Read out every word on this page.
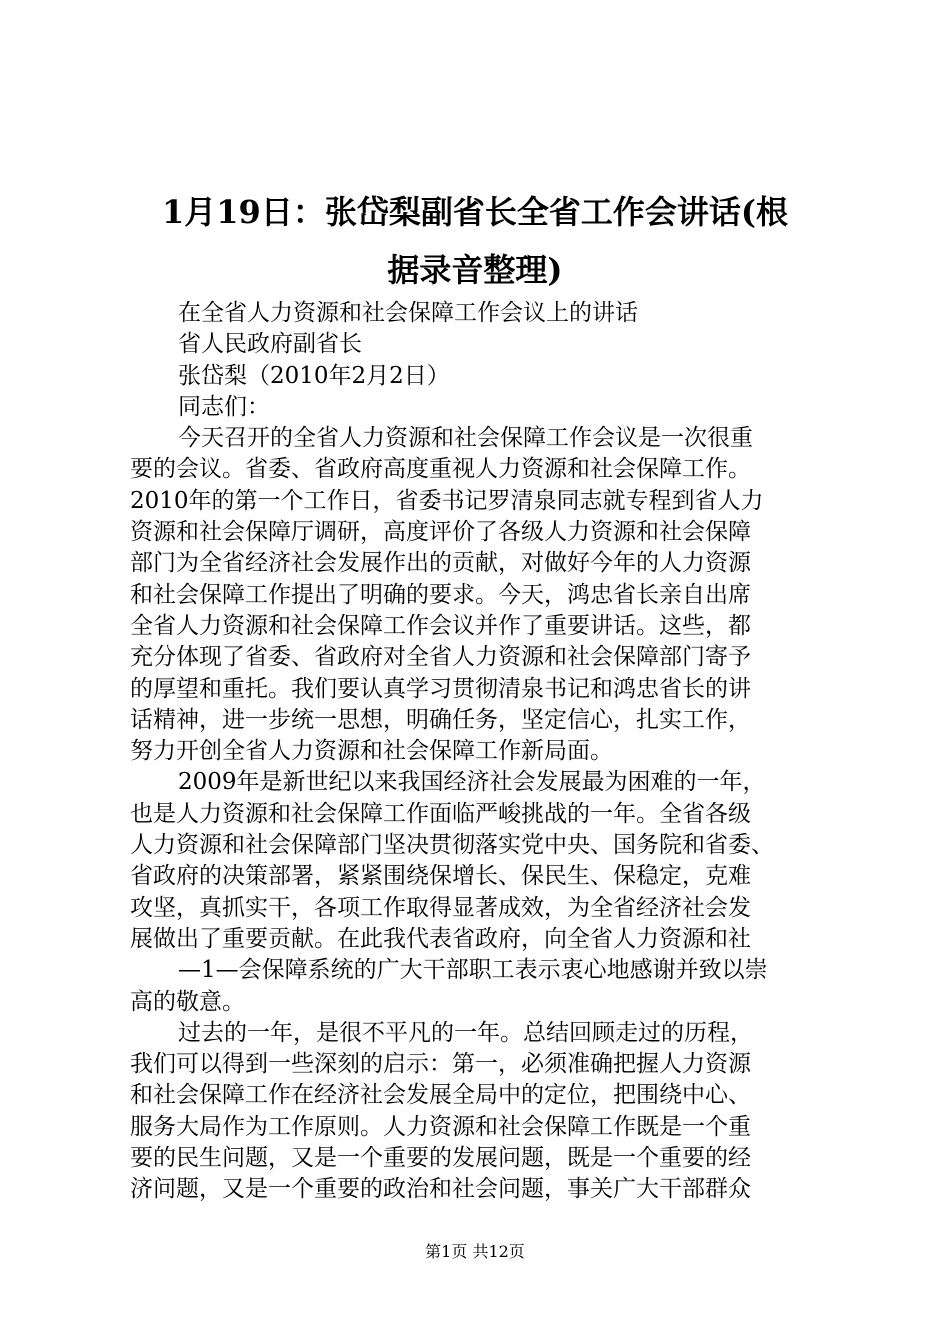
1月19日：张岱梨副省长全省工作会讲话(根
据录音整理)
在全省人力资源和社会保障工作会议上的讲话
省人民政府副省长
张岱梨（2010年2月2日）
同志们：
今天召开的全省人力资源和社会保障工作会议是一次很重
要的会议。省委、省政府高度重视人力资源和社会保障工作。
2010年的第一个工作日，省委书记罗清泉同志就专程到省人力
资源和社会保障厅调研，高度评价了各级人力资源和社会保障
部门为全省经济社会发展作出的贡献，对做好今年的人力资源
和社会保障工作提出了明确的要求。今天，鸿忠省长亲自出席
全省人力资源和社会保障工作会议并作了重要讲话。这些，都
充分体现了省委、省政府对全省人力资源和社会保障部门寄予
的厚望和重托。我们要认真学习贯彻清泉书记和鸿忠省长的讲
话精神，进一步统一思想，明确任务，坚定信心，扎实工作，
努力开创全省人力资源和社会保障工作新局面。
2009年是新世纪以来我国经济社会发展最为困难的一年，
也是人力资源和社会保障工作面临严峻挑战的一年。全省各级
人力资源和社会保障部门坚决贯彻落实党中央、国务院和省委、
省政府的决策部署，紧紧围绕保增长、保民生、保稳定，克难
攻坚，真抓实干，各项工作取得显著成效，为全省经济社会发
展做出了重要贡献。在此我代表省政府，向全省人力资源和社
—1—会保障系统的广大干部职工表示衷心地感谢并致以崇
高的敬意。
过去的一年，是很不平凡的一年。总结回顾走过的历程，
我们可以得到一些深刻的启示：第一，必须准确把握人力资源
和社会保障工作在经济社会发展全局中的定位，把围绕中心、
服务大局作为工作原则。人力资源和社会保障工作既是一个重
要的民生问题，又是一个重要的发展问题，既是一个重要的经
济问题，又是一个重要的政治和社会问题，事关广大干部群众
第1页 共12页
